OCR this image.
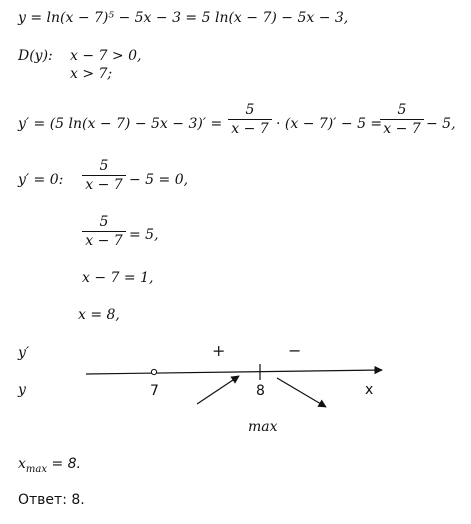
y = ln(x − 7)⁵ − 5x − 3 = 5 ln(x − 7) − 5x − 3,
D(y): x − 7 > 0,
x > 7;
y′ = (5 ln(x − 7) − 5x − 3)′ =
5
x − 7 · (x − 7)′ − 5 =
5
x − 7 − 5,
y′ = 0:
5
x − 7 − 5 = 0,
5
x − 7 = 5,
x − 7 = 1,
x = 8,
y′
y
+	−
7	8	x
max
$x_{max} = 8$.
Ответ: 8.
